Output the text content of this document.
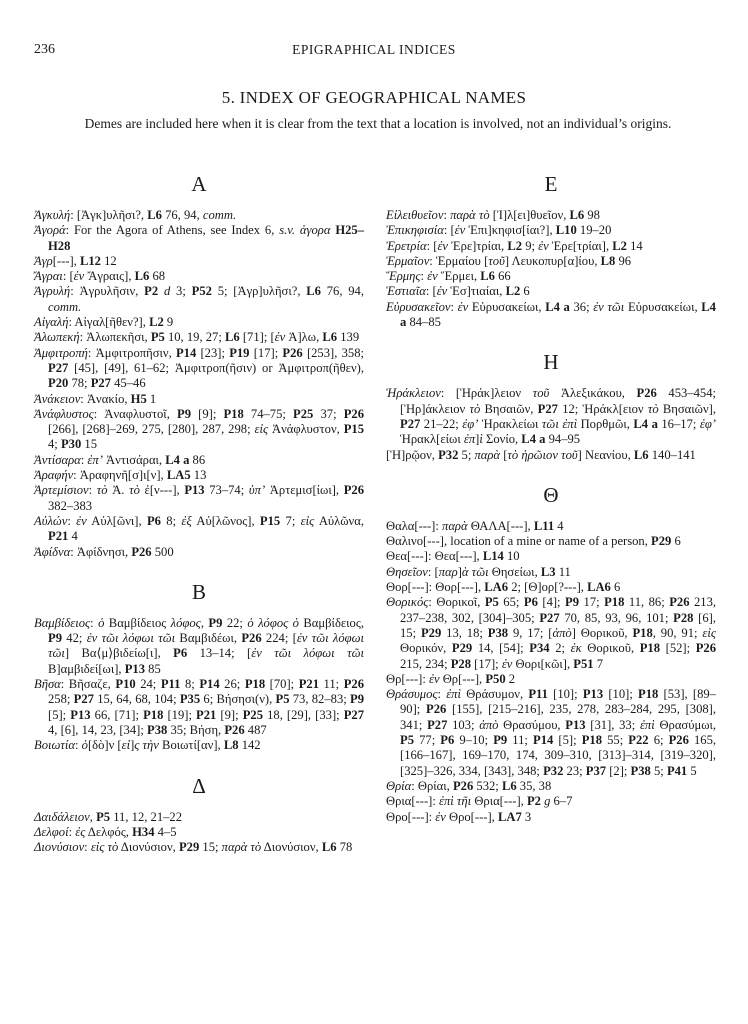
236	EPIGRAPHICAL INDICES
5. INDEX OF GEOGRAPHICAL NAMES
Demes are included here when it is clear from the text that a location is involved, not an individual’s origins.
A

Ἀγκυλή: [Ἀγκ]υλῆσι?, L6 76, 94, comm.

Ἀγορά: For the Agora of Athens, see Index 6, s.v. ἀγορα H25–H28

Ἀγρ[---], L12 12

Ἄγραι: [ἐν Ἄγραις], L6 68

Ἀγρυλή: Ἀγρυλῆσιν, P2 d 3; P52 5; [Ἀγρ]υλῆσι?, L6 76, 94, comm.

Αἰγαλή: Αἰγαλ[ῆθεν?], L2 9

Ἀλωπεκή: Ἀλωπεκῆσι, P5 10, 19, 27; L6 [71]; [ἐν Ἀ]λω, L6 139

Ἀμφιτροπή: Ἀμφιτροπῆσιν, P14 [23]; P19 [17]; P26 [253], 358; P27 [45], [49], 61–62; Ἀμφιτροπ(ῆσιν) or Ἀμφιτροπ(ῆθεν), P20 78; P27 45–46

Ἀνάκειον: Ἀνακίο, H5 1

Ἀνάφλυστος: Ἀναφλυστοῖ, P9 [9]; P18 74–75; P25 37; P26 [266], [268]–269, 275, [280], 287, 298; εἰς Ἀνάφλυστον, P15 4; P30 15

Ἀντίσαρα: ἐπ’ Ἀντισάραι, L4 a 86

Ἀραφήν: Ἀραφηνῆ[σ]ι[ν], LA5 13

Ἀρτεμίσιον: τὸ Ἀ. τὸ ἐ[ν---], P13 73–74; ὑπ’ Ἀρτεμισ[ίωι], P26 382–383

Αὐλών: ἐν Αὐλ[ῶνι], P6 8; ἐξ Αὐ[λῶνος], P15 7; εἰς Αὐλῶνα, P21 4

Ἀφίδνα: Ἀφίδνησι, P26 500

B

Βαμβίδειος: ὁ Βαμβίδειος λόφος, P9 22; ὁ λόφος ὁ Βαμβίδειος, P9 42; ἐν τῶι λόφωι τῶι Βαμβιδέωι, P26 224; [ἐν τῶι λόφωι τῶι] Βα⟨μ⟩βιδείω[ι], P6 13–14; [ἐν τῶι λόφωι τῶι Β]αμβιδεί[ωι], P13 85

Βῆσα: Βῆσαζε, P10 24; P11 8; P14 26; P18 [70]; P21 11; P26 258; P27 15, 64, 68, 104; P35 6; Βήσησι(ν), P5 73, 82–83; P9 [5]; P13 66, [71]; P18 [19]; P21 [9]; P25 18, [29], [33]; P27 4, [6], 14, 23, [34]; P38 35; Βήση, P26 487

Βοιωτία: ὁ[δὸ]ν [εἰ]ς τὴν Βοιωτί[αν], L8 142

Δ

Δαιδάλειον, P5 11, 12, 21–22

Δελφοί: ἐς Δελφός, H34 4–5

Διονύσιον: εἰς τὸ Διονύσιον, P29 15; παρὰ τὸ Διονύσιον, L6 78

E

Εἰλειθυεῖον: παρὰ τὸ [Ἰ]λ[ει]θυεῖον, L6 98

Ἐπικηφισία: [ἐν Ἐπι]κηφισ[ίαι?], L10 19–20

Ἐρετρία: [ἐν Ἐρε]τρίαι, L2 9; ἐν Ἐρε[τρίαι], L2 14

Ἑρμαῖον: Ἑρμαίου [τοῦ] Λευκοπυρ[α]ίου, L8 96

Ἕρμης: ἐν Ἕρμει, L6 66

Ἑστιαῖα: [ἐν Ἑσ]τιαίαι, L2 6

Εὐρυσακεῖον: ἐν Εὐρυσακείωι, L4 a 36; ἐν τῶι Εὐρυσακείωι, L4 a 84–85

H

Ἡράκλειον: [Ἡράκ]λειον τοῦ Ἀλεξικάκου, P26 453–454; [Ἡρ]άκλειον τὸ Βησαιῶν, P27 12; Ἡράκλ[ειον τὸ Βησαιῶν], P27 21–22; ἐφ’ Ἡρακλείωι τῶι ἐπὶ Πορθμῶι, L4 a 16–17; ἐφ’ Ἡρακλ[είωι ἐπ]ὶ Σονίο, L4 a 94–95

[Ἡ]ρῷον, P32 5; παρὰ [τὸ ἡρῶιον τοῦ] Νεανίου, L6 140–141

Θ

Θαλα[---]: παρὰ ΘΑΛΑ[---], L11 4

Θαλινο[---], location of a mine or name of a person, P29 6

Θεα[---]: Θεα[---], L14 10

Θησεῖον: [παρ]ὰ τῶι Θησείωι, L3 11

Θορ[---]: Θορ[---], LA6 2; [Θ]ορ[?---], LA6 6

Θορικός: Θορικοῖ, P5 65; P6 [4]; P9 17; P18 11, 86; P26 213, 237–238, 302, [304]–305; P27 70, 85, 93, 96, 101; P28 [6], 15; P29 13, 18; P38 9, 17; [ἀπὸ] Θορικοῦ, P18, 90, 91; εἰς Θορικόν, P29 14, [54]; P34 2; ἐκ Θορικοῦ, P18 [52]; P26 215, 234; P28 [17]; ἐν Θορι[κῶι], P51 7

Θρ[---]: ἐν Θρ[---], P50 2

Θράσυμος: ἐπὶ Θράσυμον, P11 [10]; P13 [10]; P18 [53], [89–90]; P26 [155], [215–216], 235, 278, 283–284, 295, [308], 341; P27 103; ἀπὸ Θρασύμου, P13 [31], 33; ἐπὶ Θρασύμωι, P5 77; P6 9–10; P9 11; P14 [5]; P18 55; P22 6; P26 165, [166–167], 169–170, 174, 309–310, [313]–314, [319–320], [325]–326, 334, [343], 348; P32 23; P37 [2]; P38 5; P41 5

Θρία: Θρίαι, P26 532; L6 35, 38

Θρια[---]: ἐπὶ τῆι Θρια[---], P2 g 6–7

Θρο[---]: ἐν Θρο[---], LA7 3
